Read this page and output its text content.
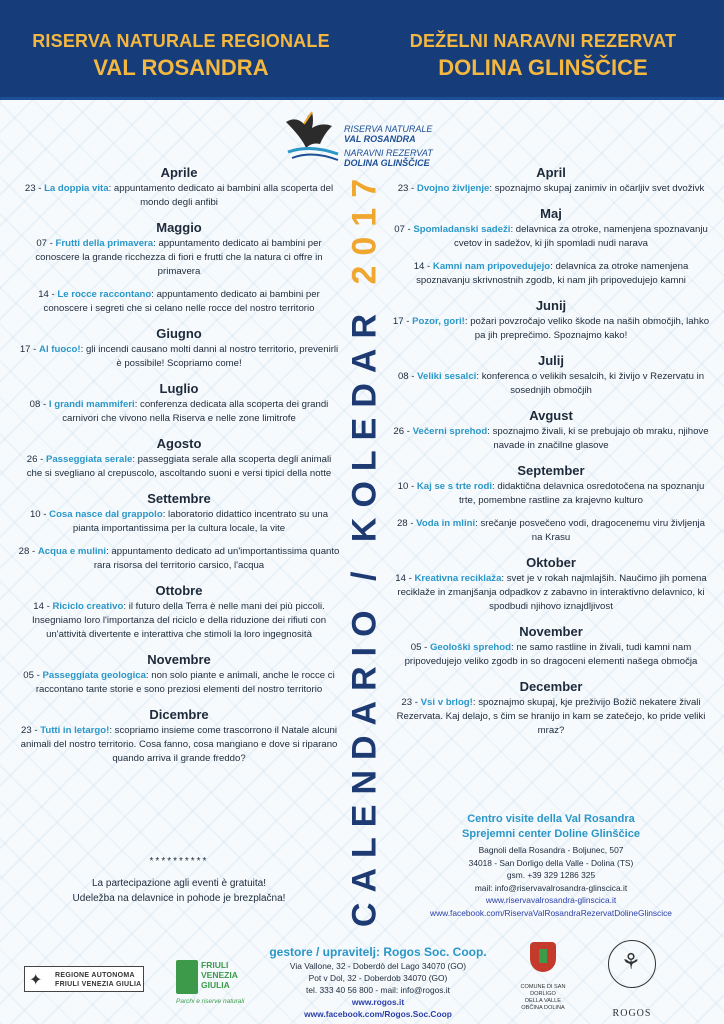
RISERVA NATURALE REGIONALE
VAL ROSANDRA
DEŽELNI NARAVNI REZERVAT
DOLINA GLINŠČICE
RISERVA NATURALE
VAL ROSANDRA
NARAVNI REZERVAT
DOLINA GLINŠČICE
Aprile
23 - La doppia vita: appuntamento dedicato ai bambini alla scoperta del mondo degli anfibi
Maggio
07 - Frutti della primavera: appuntamento dedicato ai bambini per conoscere la grande ricchezza di fiori e frutti che la natura ci offre in primavera
14 - Le rocce raccontano: appuntamento dedicato ai bambini per conoscere i segreti che si celano nelle rocce del nostro territorio
Giugno
17 - Al fuoco!: gli incendi causano molti danni al nostro territorio, prevenirli è possibile! Scopriamo come!
Luglio
08 - I grandi mammiferi: conferenza dedicata alla scoperta dei grandi carnivori che vivono nella Riserva e nelle zone limitrofe
Agosto
26 - Passeggiata serale: passeggiata serale alla scoperta degli animali che si svegliano al crepuscolo, ascoltando suoni e versi tipici della notte
Settembre
10 - Cosa nasce dal grappolo: laboratorio didattico incentrato su una pianta importantissima per la cultura locale, la vite
28 - Acqua e mulini: appuntamento dedicato ad un'importantissima quanto rara risorsa del territorio carsico, l'acqua
Ottobre
14 - Riciclo creativo: il futuro della Terra è nelle mani dei più piccoli. Insegniamo loro l'importanza del riciclo e della riduzione dei rifiuti con un'attività divertente e interattiva che stimoli la loro ingegnosità
Novembre
05 - Passeggiata geologica: non solo piante e animali, anche le rocce ci raccontano tante storie e sono preziosi elementi del nostro territorio
Dicembre
23 - Tutti in letargo!: scopriamo insieme come trascorrono il Natale alcuni animali del nostro territorio. Cosa fanno, cosa mangiano e dove si riparano quando arriva il grande freddo?
April
23 - Dvojno življenje: spoznajmo skupaj zanimiv in očarljiv svet dvoživk
Maj
07 - Spomladanski sadeži: delavnica za otroke, namenjena spoznavanju cvetov in sadežov, ki jih spomladi nudi narava
14 - Kamni nam pripovedujejo: delavnica za otroke namenjena spoznavanju skrivnostnih zgodb, ki nam jih pripovedujejo kamni
Junij
17 - Pozor, gori!: požari povzročajo veliko škode na naših območjih, lahko pa jih preprečimo. Spoznajmo kako!
Julij
08 - Veliki sesalci: konferenca o velikih sesalcih, ki živijo v Rezervatu in sosednjih območjih
Avgust
26 - Večerni sprehod: spoznajmo živali, ki se prebujajo ob mraku, njihove navade in značilne glasove
September
10 - Kaj se s trte rodi: didaktična delavnica osredotočena na spoznanju trte, pomembne rastline za krajevno kulturo
28 - Voda in mlini: srečanje posvečeno vodi, dragocenemu viru življenja na Krasu
Oktober
14 - Kreativna reciklaža: svet je v rokah najmlajših. Naučimo jih pomena reciklaže in zmanjšanja odpadkov z zabavno in interaktivno delavnico, ki spodbudi njihovo iznajdljivost
November
05 - Geološki sprehod: ne samo rastline in živali, tudi kamni nam pripovedujejo veliko zgodb in so dragoceni elementi našega območja
December
23 - Vsi v brlog!: spoznajmo skupaj, kje preživijo Božič nekatere živali Rezervata. Kaj delajo, s čim se hranijo in kam se zatečejo, ko pride veliki mraz?
CALENDARIO / KOLEDAR 2017
**********
La partecipazione agli eventi è gratuita!
Udeležba na delavnice in pohode je brezplačna!
Centro visite della Val Rosandra
Sprejemni center Doline Glinščice
Bagnoli della Rosandra - Boljunec, 507
34018 - San Dorligo della Valle - Dolina (TS)
gsm. +39 329 1286 325
mail: info@riservavalrosandra-glinscica.it
www.riservavalrosandra-glinscica.it
www.facebook.com/RiservaValRosandraRezervatDolineGlinscice
✦ REGIONE AUTONOMA
FRIULI VENEZIA GIULIA
FRIULI
VENEZIA
GIULIA
Parchi e riserve naturali
gestore / upravitelj: Rogos Soc. Coop.
Via Vallone, 32 - Doberdò del Lago 34070 (GO)
Pot v Dol, 32 - Doberdob 34070 (GO)
tel. 333 40 56 800 - mail: info@rogos.it
www.rogos.it
www.facebook.com/Rogos.Soc.Coop
COMUNE DI SAN DORLIGO
DELLA VALLE
OBČINA DOLINA
⚘
ROGOS
